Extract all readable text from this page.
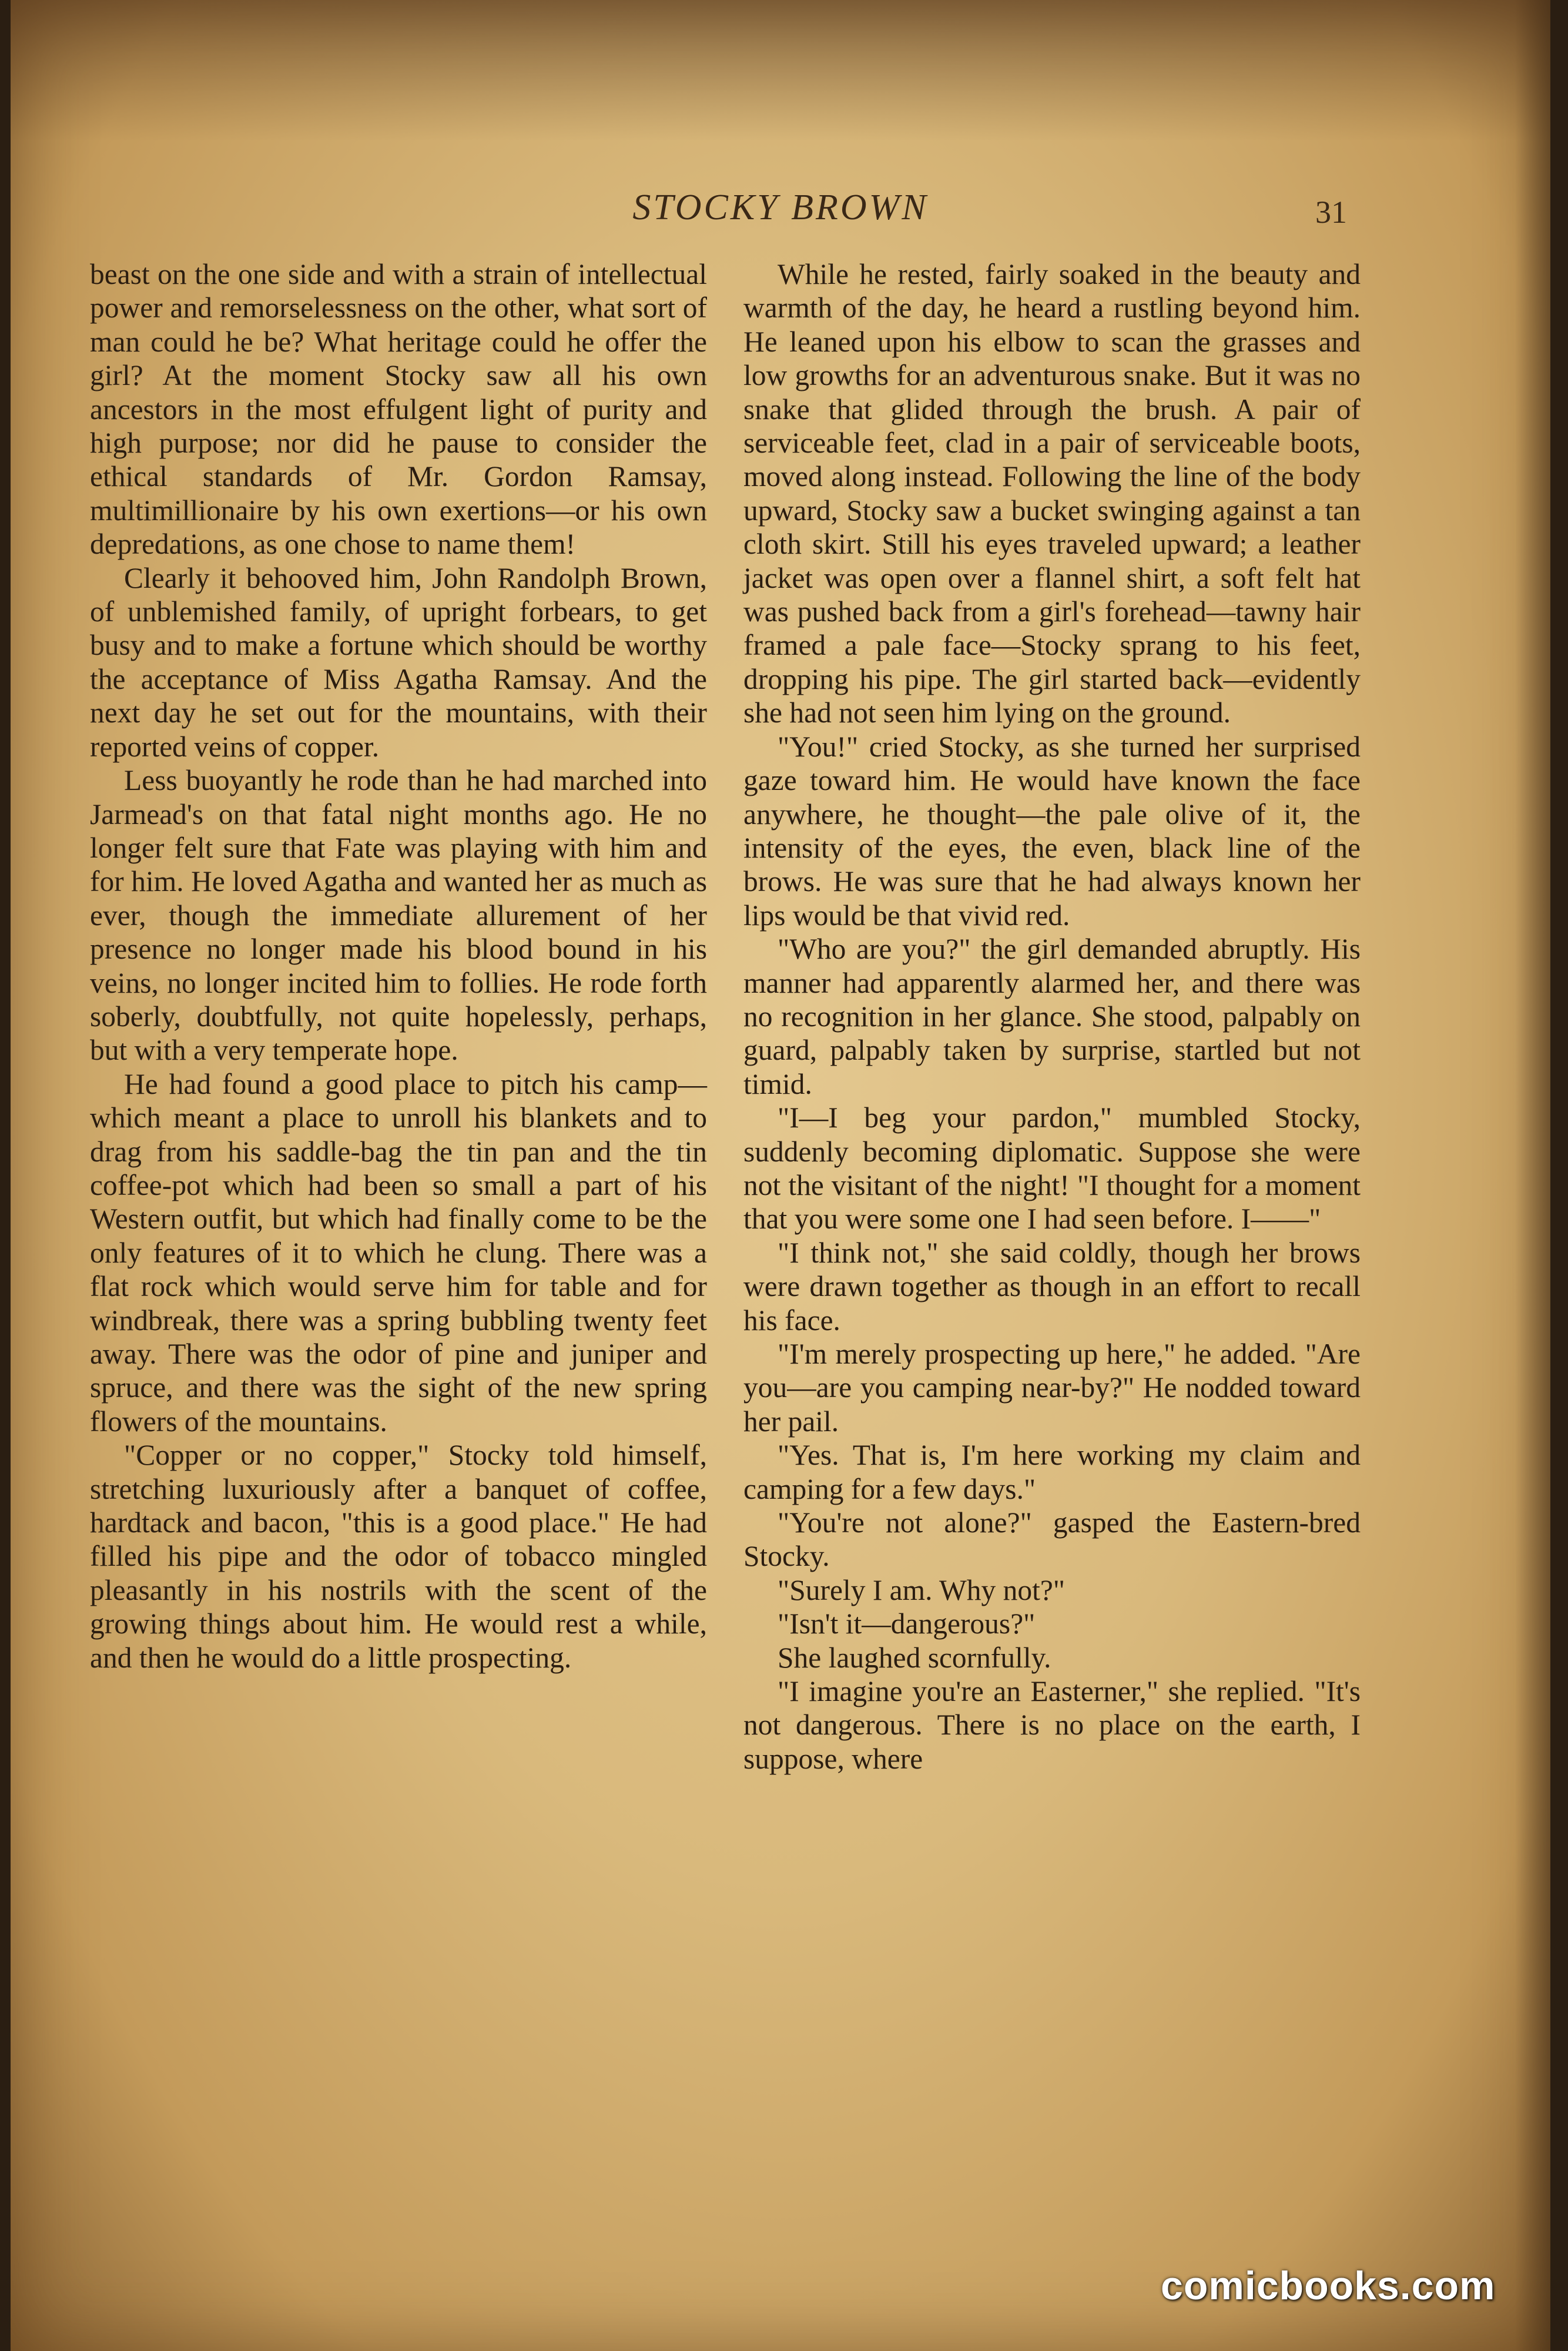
STOCKY BROWN	31

beast on the one side and with a strain of intellectual power and remorselessness on the other, what sort of man could he be? What heritage could he offer the girl? At the moment Stocky saw all his own ancestors in the most effulgent light of purity and high purpose; nor did he pause to consider the ethical standards of Mr. Gordon Ramsay, multimillionaire by his own exertions—or his own depredations, as one chose to name them!

Clearly it behooved him, John Randolph Brown, of unblemished family, of upright forbears, to get busy and to make a fortune which should be worthy the acceptance of Miss Agatha Ramsay. And the next day he set out for the mountains, with their reported veins of copper.

Less buoyantly he rode than he had marched into Jarmead's on that fatal night months ago. He no longer felt sure that Fate was playing with him and for him. He loved Agatha and wanted her as much as ever, though the immediate allurement of her presence no longer made his blood bound in his veins, no longer incited him to follies. He rode forth soberly, doubtfully, not quite hopelessly, perhaps, but with a very temperate hope.

He had found a good place to pitch his camp—which meant a place to unroll his blankets and to drag from his saddle-bag the tin pan and the tin coffee-pot which had been so small a part of his Western outfit, but which had finally come to be the only features of it to which he clung. There was a flat rock which would serve him for table and for windbreak, there was a spring bubbling twenty feet away. There was the odor of pine and juniper and spruce, and there was the sight of the new spring flowers of the mountains.

"Copper or no copper," Stocky told himself, stretching luxuriously after a banquet of coffee, hardtack and bacon, "this is a good place." He had filled his pipe and the odor of tobacco mingled pleasantly in his nostrils with the scent of the growing things about him. He would rest a while, and then he would do a little prospecting.

While he rested, fairly soaked in the beauty and warmth of the day, he heard a rustling beyond him. He leaned upon his elbow to scan the grasses and low growths for an adventurous snake. But it was no snake that glided through the brush. A pair of serviceable feet, clad in a pair of serviceable boots, moved along instead. Following the line of the body upward, Stocky saw a bucket swinging against a tan cloth skirt. Still his eyes traveled upward; a leather jacket was open over a flannel shirt, a soft felt hat was pushed back from a girl's forehead—tawny hair framed a pale face—Stocky sprang to his feet, dropping his pipe. The girl started back—evidently she had not seen him lying on the ground.

"You!" cried Stocky, as she turned her surprised gaze toward him. He would have known the face anywhere, he thought—the pale olive of it, the intensity of the eyes, the even, black line of the brows. He was sure that he had always known her lips would be that vivid red.

"Who are you?" the girl demanded abruptly. His manner had apparently alarmed her, and there was no recognition in her glance. She stood, palpably on guard, palpably taken by surprise, startled but not timid.

"I—I beg your pardon," mumbled Stocky, suddenly becoming diplomatic. Suppose she were not the visitant of the night! "I thought for a moment that you were some one I had seen before. I——"

"I think not," she said coldly, though her brows were drawn together as though in an effort to recall his face.

"I'm merely prospecting up here," he added. "Are you—are you camping near-by?" He nodded toward her pail.

"Yes. That is, I'm here working my claim and camping for a few days."

"You're not alone?" gasped the Eastern-bred Stocky.

"Surely I am. Why not?"

"Isn't it—dangerous?"

She laughed scornfully.

"I imagine you're an Easterner," she replied. "It's not dangerous. There is no place on the earth, I suppose, where

comicbooks.com
